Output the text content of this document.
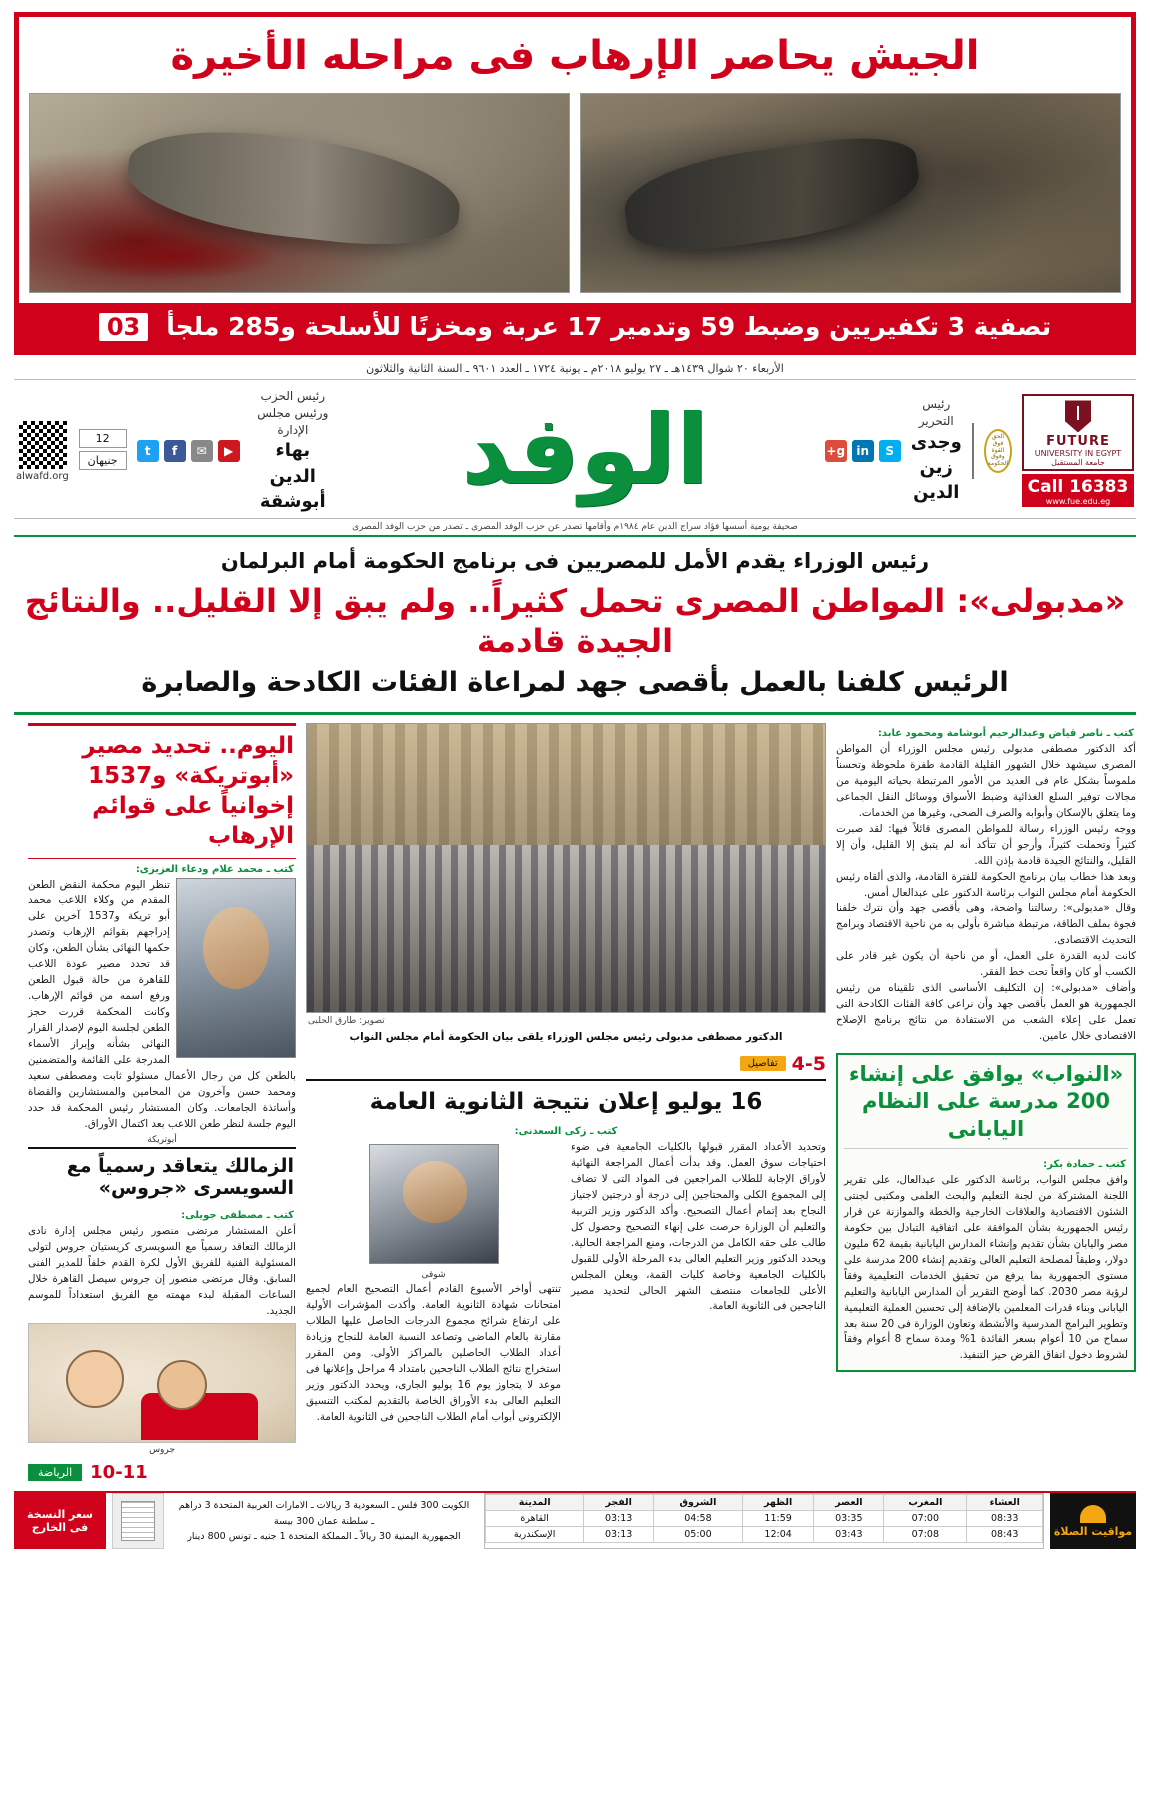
الجيش يحاصر الإرهاب فى مراحله الأخيرة
تصفية 3 تكفيريين وضبط 59 وتدمير 17 عربة ومخزنًا للأسلحة و285 ملجأ
03
الأربعاء ٢٠ شوال ١٤٣٩هـ ـ ٢٧ يوليو ٢٠١٨م ـ يونية ١٧٢٤ ـ العدد ٩٦٠١ ـ السنة الثانية والثلاثون
FUTURE
UNIVERSITY IN EGYPT
جامعة المستقبل
Call 16383
www.fue.edu.eg
الحق فوق القوة وفوق الحكومة
رئيس التحرير
وجدى زين الدين
S
in
g+
الوفد
رئيس الحزب ورئيس مجلس الإدارة
بهاء الدين أبوشقة
▶
✉
f
t
12
جنيهان
alwafd.org
صحيفة يومية أسسها فؤاد سراج الدين عام ١٩٨٤م وأقامها تصدر عن حزب الوفد المصرى ـ تصدر من حزب الوفد المصرى
رئيس الوزراء يقدم الأمل للمصريين فى برنامج الحكومة أمام البرلمان
«مدبولى»: المواطن المصرى تحمل كثيراً.. ولم يبق إلا القليل.. والنتائج الجيدة قادمة
الرئيس كلفنا بالعمل بأقصى جهد لمراعاة الفئات الكادحة والصابرة
كتب ـ ناصر قياض وعبدالرحيم أبوشامة ومحمود عابد:
أكد الدكتور مصطفى مدبولى رئيس مجلس الوزراء أن المواطن المصرى سيشهد خلال الشهور القليلة القادمة طفرة ملحوظة وتحسناً ملموساً بشكل عام فى العديد من الأمور المرتبطة بحياته اليومية من مجالات توفير السلع الغذائية وضبط الأسواق ووسائل النقل الجماعى وما يتعلق بالإسكان وأبوابه والصرف الصحى، وغيرها من الخدمات.
ووجه رئيس الوزراء رسالة للمواطن المصرى قائلاً فيها: لقد صبرت كثيراً وتحملت كثيراً، وأرجو أن تتأكد أنه لم يتبق إلا القليل، وأن إلا القليل، والنتائج الجيدة قادمة بإذن الله.
وبعد هذا خطاب بيان برنامج الحكومة للفترة القادمة، والذى ألقاه رئيس الحكومة أمام مجلس النواب برئاسة الدكتور على عبدالعال أمس.
وقال «مدبولى»: رسالتنا واضحة، وهى بأقصى جهد وأن نترك خلفنا فجوة بملف الطاقة، مرتبطة مباشرة بأولى به من ناحية الاقتصاد وبرامج التحديث الاقتصادى.
كانت لديه القدرة على العمل، أو من ناحية أن يكون غير قادر على الكسب أو كان واقعاً تحت خط الفقر.
وأضاف «مدبولى»: إن التكليف الأساسى الذى تلقيناه من رئيس الجمهورية هو العمل بأقصى جهد وأن نراعى كافة الفئات الكادحة التى تعمل على إعلاء الشعب من الاستفادة من نتائج برنامج الإصلاح الاقتصادى خلال عامين.
«النواب» يوافق على إنشاء 200 مدرسة على النظام اليابانى
كتب ـ حمادة بكر:
وافق مجلس النواب، برئاسة الدكتور على عبدالعال، على تقرير اللجنة المشتركة من لجنة التعليم والبحث العلمى ومكتبى لجنتى الشئون الاقتصادية والعلاقات الخارجية والخطة والموازنة عن قرار رئيس الجمهورية بشأن الموافقة على اتفاقية التبادل بين حكومة مصر واليابان بشأن تقديم وإنشاء المدارس اليابانية بقيمة 62 مليون دولار، وطبقاً لمصلحة التعليم العالى وتقديم إنشاء 200 مدرسة على مستوى الجمهورية بما يرفع من تحقيق الخدمات التعليمية وفقاً لرؤية مصر 2030. كما أوضح التقرير أن المدارس اليابانية والتعليم اليابانى وبناء قدرات المعلمين بالإضافة إلى تحسين العملية التعليمية وتطوير البرامج المدرسية والأنشطة وتعاون الوزارة فى 20 سنة بعد سماح من 10 أعوام بسعر الفائدة 1% ومدة سماح 8 أعوام وفقاً لشروط دخول اتفاق القرض حيز التنفيذ.
تصوير: طارق الحلبى
الدكتور مصطفى مدبولى رئيس مجلس الوزراء يلقى بيان الحكومة أمام مجلس النواب
4-5
تفاصيل
16 يوليو إعلان نتيجة الثانوية العامة
كتب ـ زكى السعدنى:
وتحديد الأعداد المقرر قبولها بالكليات الجامعية فى ضوء احتياجات سوق العمل. وقد بدأت أعمال المراجعة النهائية لأوراق الإجابة للطلاب المراجعين فى المواد التى لا تضاف إلى المجموع الكلى والمحتاجين إلى درجة أو درجتين لاجتياز النجاح بعد إتمام أعمال التصحيح. وأكد الدكتور وزير التربية والتعليم أن الوزارة حرصت على إنهاء التصحيح وحصول كل طالب على حقه الكامل من الدرجات، ومنع المراجعة الحالية. ويحدد الدكتور وزير التعليم العالى بدء المرحلة الأولى للقبول بالكليات الجامعية وخاصة كليات القمة، ويعلن المجلس الأعلى للجامعات منتصف الشهر الحالى لتحديد مصير الناجحين فى الثانوية العامة.
شوقى
تنتهى أواخر الأسبوع القادم أعمال التصحيح العام لجميع امتحانات شهادة الثانوية العامة. وأكدت المؤشرات الأولية على ارتفاع شرائح مجموع الدرجات الحاصل عليها الطلاب مقارنة بالعام الماضى وتصاعد النسبة العامة للنجاح وزيادة أعداد الطلاب الحاصلين بالمراكز الأولى. ومن المقرر استخراج نتائج الطلاب الناجحين بامتداد 4 مراحل وإعلانها فى موعد لا يتجاوز يوم 16 يوليو الجارى، ويحدد الدكتور وزير التعليم العالى بدء الأوراق الخاصة بالتقديم لمكتب التنسيق الإلكترونى أبواب أمام الطلاب الناجحين فى الثانوية العامة.
اليوم.. تحديد مصير «أبوتريكة» و1537 إخوانياً على قوائم الإرهاب
كتب ـ محمد علام ودعاء العزيزى:
تنظر اليوم محكمة النقض الطعن المقدم من وكلاء اللاعب محمد أبو تريكة و1537 آخرين على إدراجهم بقوائم الإرهاب وتصدر حكمها النهائى بشأن الطعن، وكان قد تحدد مصير عودة اللاعب للقاهرة من حالة قبول الطعن ورفع اسمه من قوائم الإرهاب. وكانت المحكمة قررت حجز الطعن لجلسة اليوم لإصدار القرار النهائى بشأنه وإبراز الأسماء المدرجة على القائمة والمتضمنين بالطعن كل من رجال الأعمال مسئولو ثابت ومصطفى سعيد ومحمد حسن وآخرون من المحامين والمستشارين والقضاة وأساتذة الجامعات. وكان المستشار رئيس المحكمة قد حدد اليوم جلسة لنظر طعن اللاعب بعد اكتمال الأوراق.
أبوتريكة
الزمالك يتعاقد رسمياً مع السويسرى «جروس»
كتب ـ مصطفى جويلى:
أعلن المستشار مرتضى منصور رئيس مجلس إدارة نادى الزمالك التعاقد رسمياً مع السويسرى كريستيان جروس لتولى المسئولية الفنية للفريق الأول لكرة القدم خلفاً للمدير الفنى السابق. وقال مرتضى منصور إن جروس سيصل القاهرة خلال الساعات المقبلة لبدء مهمته مع الفريق استعداداً للموسم الجديد.
جروس
10-11
الرياضة
مواقيت الصلاة
العشاء	المغرب	العصر	الظهر	الشروق	الفجر	المدينة
08:33	07:00	03:35	11:59	04:58	03:13	القاهرة
08:43	07:08	03:43	12:04	05:00	03:13	الإسكندرية
الكويت 300 فلس ـ السعودية 3 ريالات ـ الامارات العربية المتحدة 3 دراهم ـ سلطنة عمان 300 بيسة
الجمهورية اليمنية 30 ريالاً ـ المملكة المتحدة 1 جنيه ـ تونس 800 دينار
سعر النسخة فى الخارج
